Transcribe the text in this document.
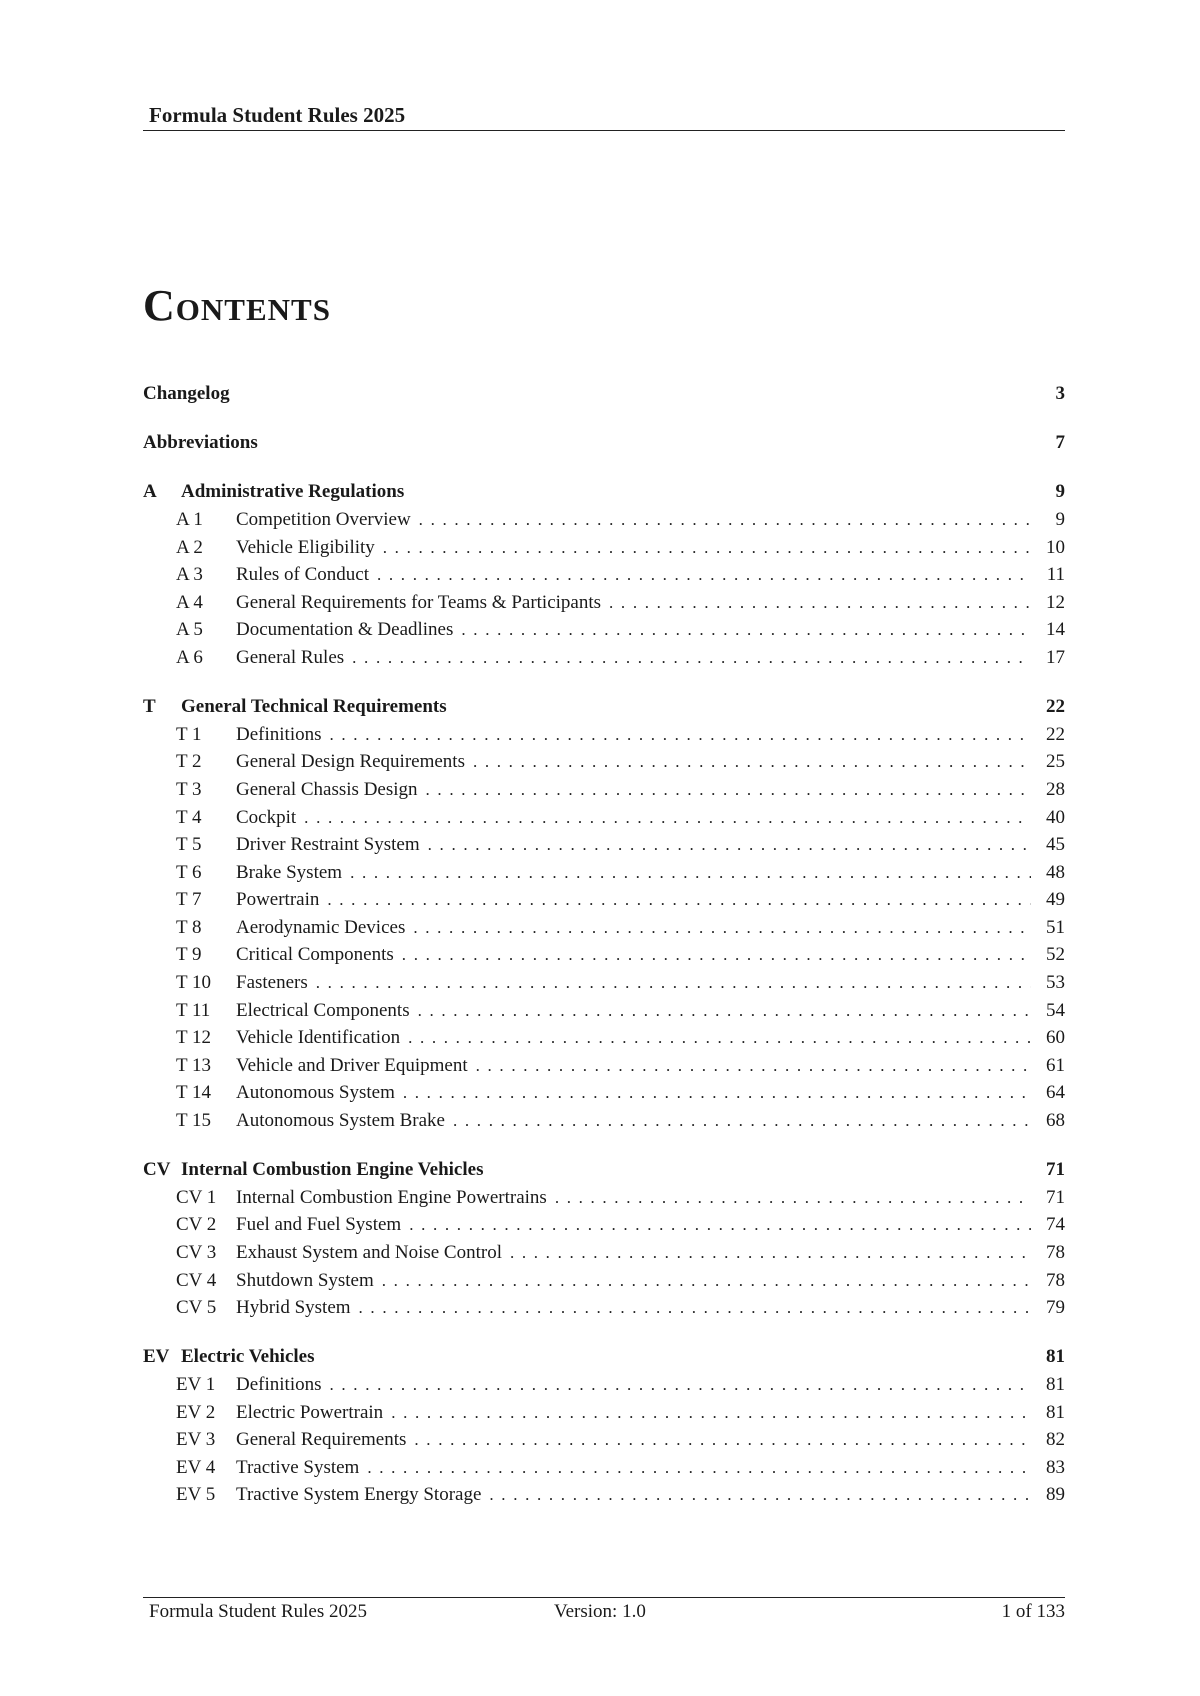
Formula Student Rules 2025
CONTENTS
Changelog	3
Abbreviations	7
A	Administrative Regulations	9
A 1	Competition Overview . . .	9
A 2	Vehicle Eligibility . . .	10
A 3	Rules of Conduct . . .	11
A 4	General Requirements for Teams & Participants . . .	12
A 5	Documentation & Deadlines . . .	14
A 6	General Rules . . .	17
T	General Technical Requirements	22
T 1	Definitions . . .	22
T 2	General Design Requirements . . .	25
T 3	General Chassis Design . . .	28
T 4	Cockpit . . .	40
T 5	Driver Restraint System . . .	45
T 6	Brake System . . .	48
T 7	Powertrain . . .	49
T 8	Aerodynamic Devices . . .	51
T 9	Critical Components . . .	52
T 10	Fasteners . . .	53
T 11	Electrical Components . . .	54
T 12	Vehicle Identification . . .	60
T 13	Vehicle and Driver Equipment . . .	61
T 14	Autonomous System . . .	64
T 15	Autonomous System Brake . . .	68
CV Internal Combustion Engine Vehicles	71
CV 1	Internal Combustion Engine Powertrains . . .	71
CV 2	Fuel and Fuel System . . .	74
CV 3	Exhaust System and Noise Control . . .	78
CV 4	Shutdown System . . .	78
CV 5	Hybrid System . . .	79
EV Electric Vehicles	81
EV 1	Definitions . . .	81
EV 2	Electric Powertrain . . .	81
EV 3	General Requirements . . .	82
EV 4	Tractive System . . .	83
EV 5	Tractive System Energy Storage . . .	89
Formula Student Rules 2025	Version: 1.0	1 of 133
